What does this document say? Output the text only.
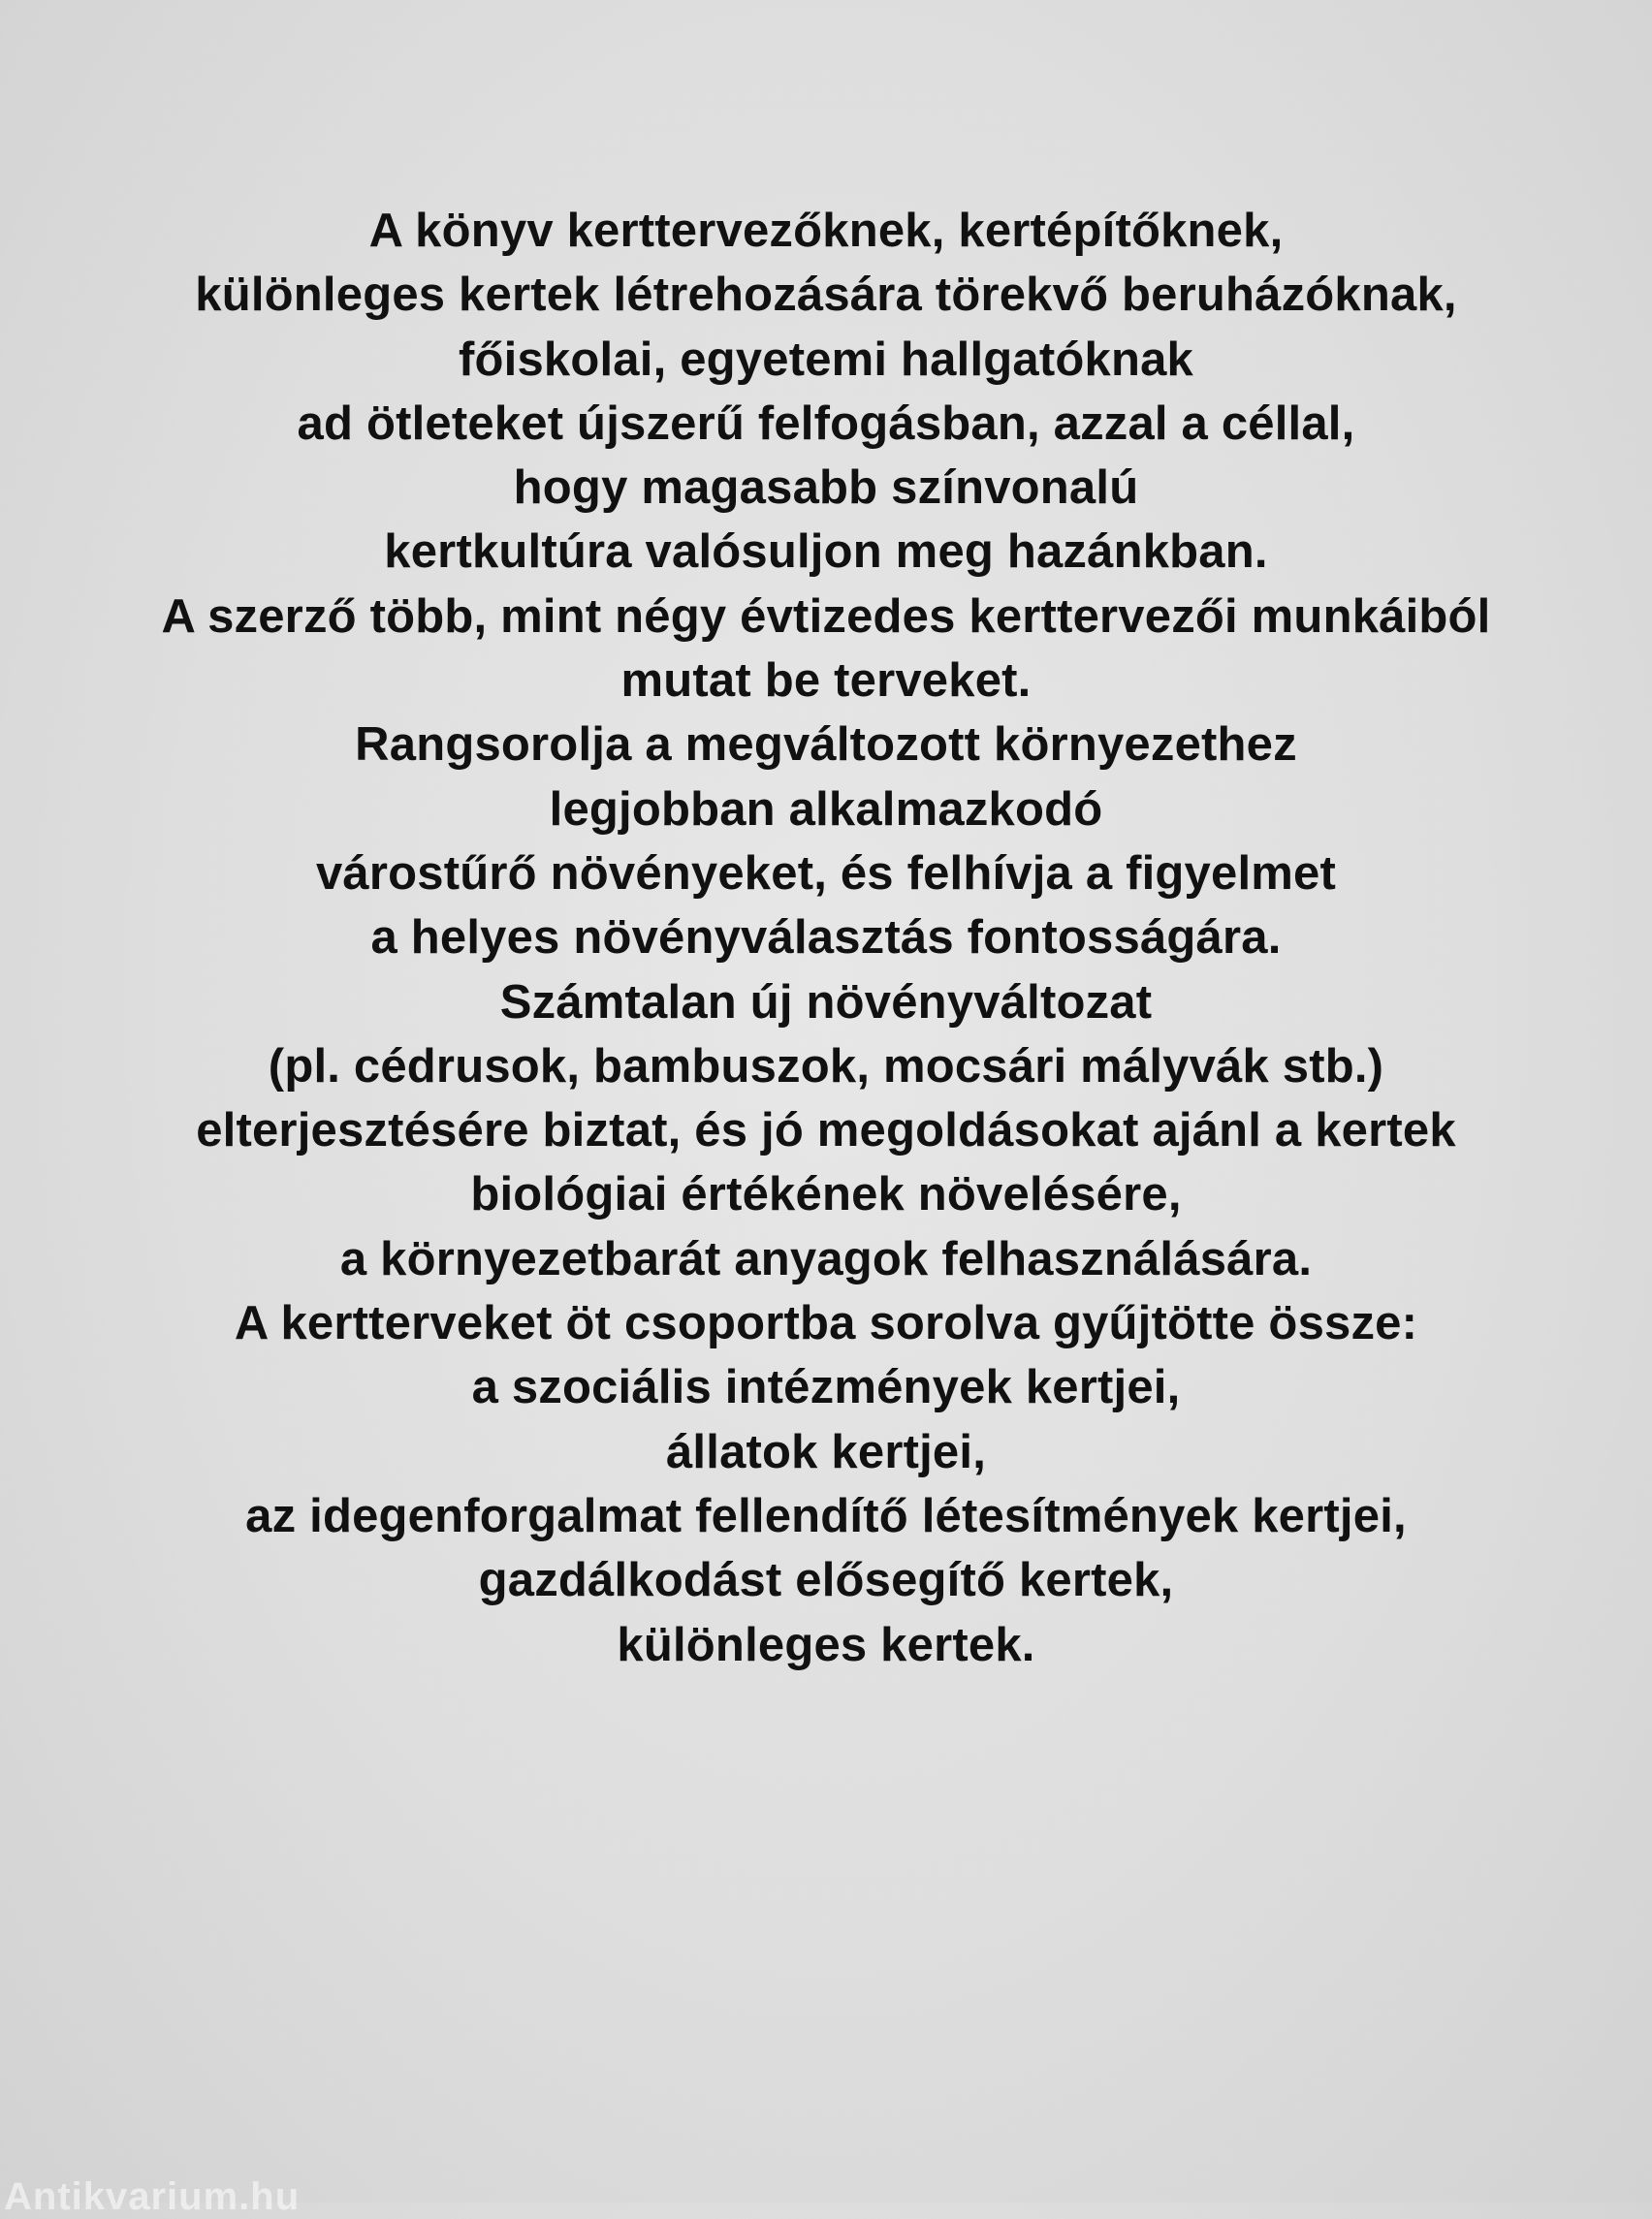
A könyv kerttervezőknek, kertépítőknek,
különleges kertek létrehozására törekvő beruházóknak,
főiskolai, egyetemi hallgatóknak
ad ötleteket újszerű felfogásban, azzal a céllal,
hogy magasabb színvonalú
kertkultúra valósuljon meg hazánkban.
A szerző több, mint négy évtizedes kerttervezői munkáiból
mutat be terveket.
Rangsorolja a megváltozott környezethez
legjobban alkalmazkodó
várostűrő növényeket, és felhívja a figyelmet
a helyes növényválasztás fontosságára.
Számtalan új növényváltozat
(pl. cédrusok, bambuszok, mocsári mályvák stb.)
elterjesztésére biztat, és jó megoldásokat ajánl a kertek
biológiai értékének növelésére,
a környezetbarát anyagok felhasználására.
A kertterveket öt csoportba sorolva gyűjtötte össze:
a szociális intézmények kertjei,
állatok kertjei,
az idegenforgalmat fellendítő létesítmények kertjei,
gazdálkodást elősegítő kertek,
különleges kertek.
Antikvarium.hu
